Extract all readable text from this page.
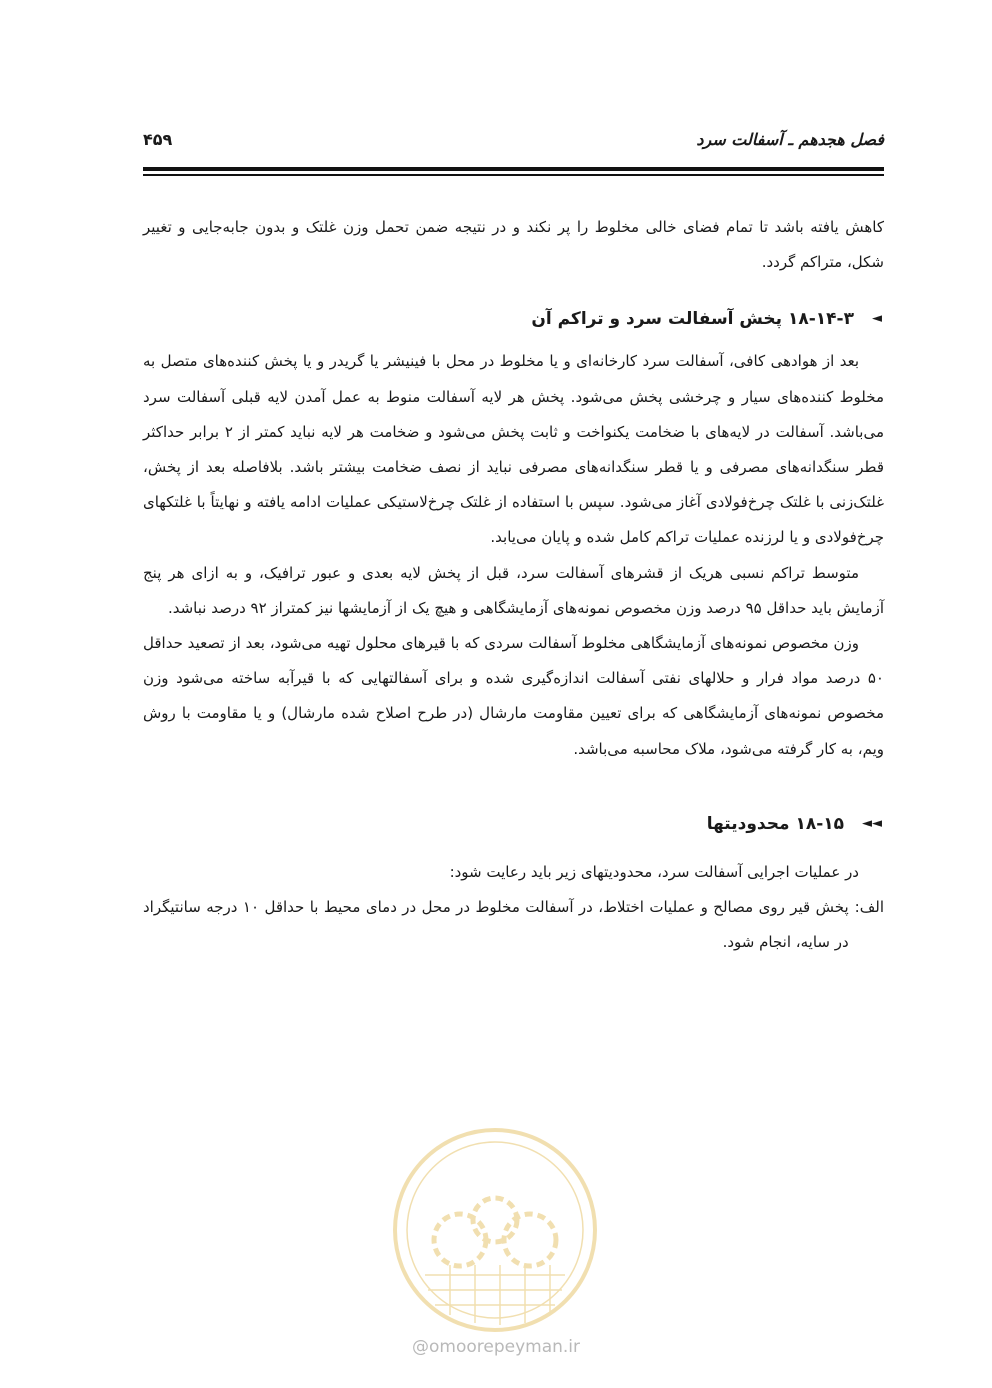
فصل هجدهم ـ آسفالت سرد
۴۵۹

کاهش یافته باشد تا تمام فضای خالی مخلوط را پر نکند و در نتیجه ضمن تحمل وزن غلتک و بدون جابه‌جایی و تغییر شکل، متراکم گردد.

◄
۱۸-۱۴-۳ پخش آسفالت سرد و تراکم آن

بعد از هوادهی کافی، آسفالت سرد کارخانه‌ای و یا مخلوط در محل با فینیشر یا گریدر و یا پخش کننده‌های متصل به مخلوط کننده‌های سیار و چرخشی پخش می‌شود. پخش هر لایه آسفالت منوط به عمل آمدن لایه قبلی آسفالت سرد می‌باشد. آسفالت در لایه‌های با ضخامت یکنواخت و ثابت پخش می‌شود و ضخامت هر لایه نباید کمتر از ۲ برابر حداکثر قطر سنگدانه‌های مصرفی و یا قطر سنگدانه‌های مصرفی نباید از نصف ضخامت بیشتر باشد. بلافاصله بعد از پخش، غلتک‌زنی با غلتک چرخ‌فولادی آغاز می‌شود. سپس با استفاده از غلتک چرخ‌لاستیکی عملیات ادامه یافته و نهایتاً با غلتکهای چرخ‌فولادی و یا لرزنده عملیات تراکم کامل شده و پایان می‌یابد.

متوسط تراکم نسبی هریک از قشرهای آسفالت سرد، قبل از پخش لایه بعدی و عبور ترافیک، و به ازای هر پنج آزمایش باید حداقل ۹۵ درصد وزن مخصوص نمونه‌های آزمایشگاهی و هیچ یک از آزمایشها نیز کمتراز ۹۲ درصد نباشد.

وزن مخصوص نمونه‌های آزمایشگاهی مخلوط آسفالت سردی که با قیرهای محلول تهیه می‌شود، بعد از تصعید حداقل ۵۰ درصد مواد فرار و حلالهای نفتی آسفالت اندازه‌گیری شده و برای آسفالتهایی که با قیرآبه ساخته می‌شود وزن مخصوص نمونه‌های آزمایشگاهی که برای تعیین مقاومت مارشال (در طرح اصلاح شده مارشال) و یا مقاومت با روش ویم، به کار گرفته می‌شود، ملاک محاسبه می‌باشد.

◄◄
۱۸-۱۵ محدودیتها

در عملیات اجرایی آسفالت سرد، محدودیتهای زیر باید رعایت شود:

الف:
پخش قیر روی مصالح و عملیات اختلاط، در آسفالت مخلوط در محل در دمای محیط با حداقل ۱۰ درجه سانتیگراد در سایه، انجام شود.
@omoorepeyman.ir
